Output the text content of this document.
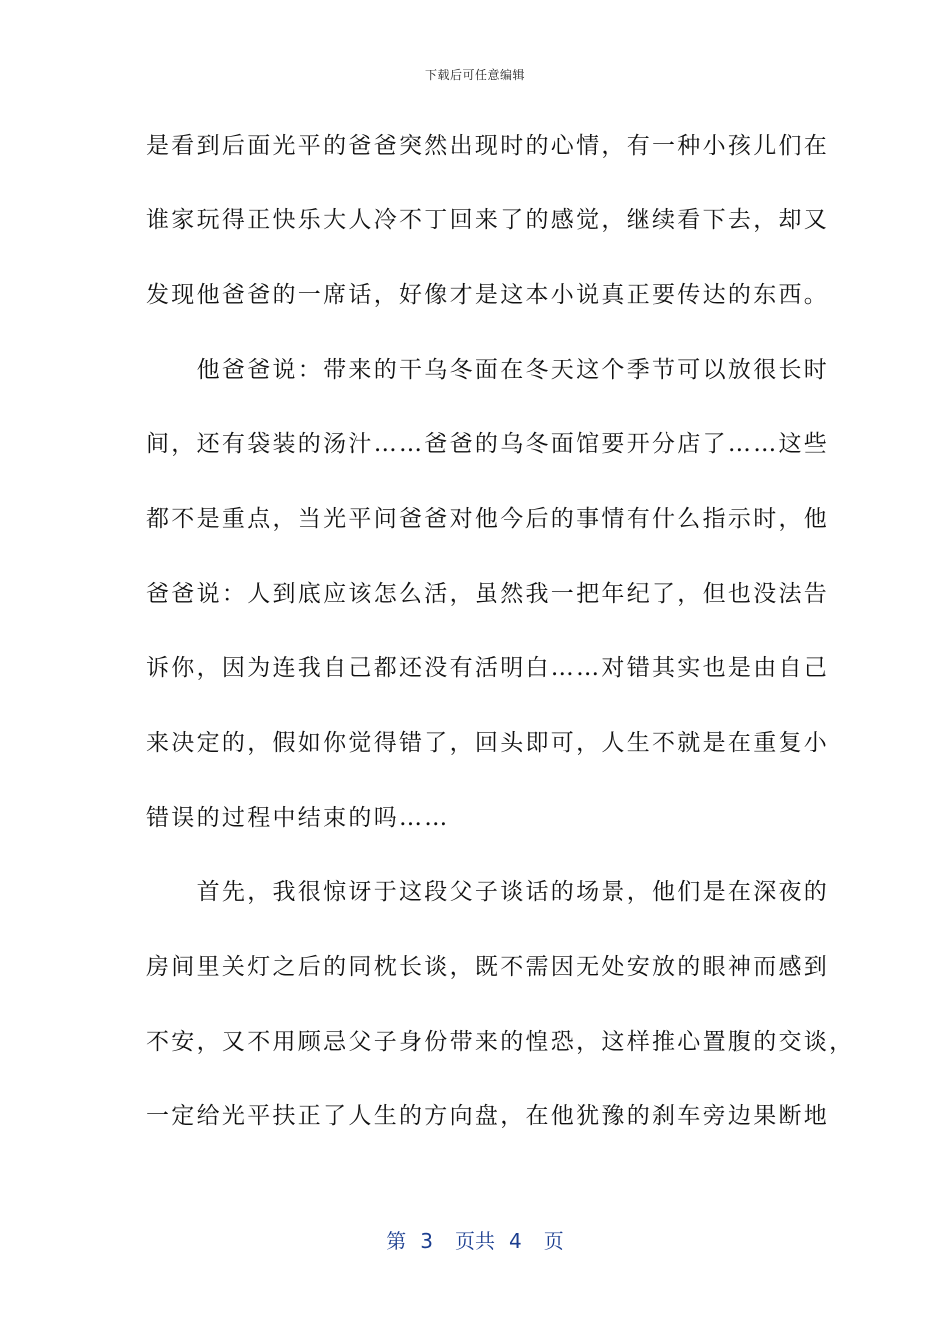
下载后可任意编辑
是看到后面光平的爸爸突然出现时的心情，有一种小孩儿们在
谁家玩得正快乐大人冷不丁回来了的感觉，继续看下去，却又
发现他爸爸的一席话，好像才是这本小说真正要传达的东西。
　　他爸爸说：带来的干乌冬面在冬天这个季节可以放很长时
间，还有袋装的汤汁……爸爸的乌冬面馆要开分店了……这些
都不是重点，当光平问爸爸对他今后的事情有什么指示时，他
爸爸说：人到底应该怎么活，虽然我一把年纪了，但也没法告
诉你，因为连我自己都还没有活明白……对错其实也是由自己
来决定的，假如你觉得错了，回头即可，人生不就是在重复小
错误的过程中结束的吗……
　　首先，我很惊讶于这段父子谈话的场景，他们是在深夜的
房间里关灯之后的同枕长谈，既不需因无处安放的眼神而感到
不安，又不用顾忌父子身份带来的惶恐，这样推心置腹的交谈，
一定给光平扶正了人生的方向盘，在他犹豫的刹车旁边果断地
第 3 页共 4 页
